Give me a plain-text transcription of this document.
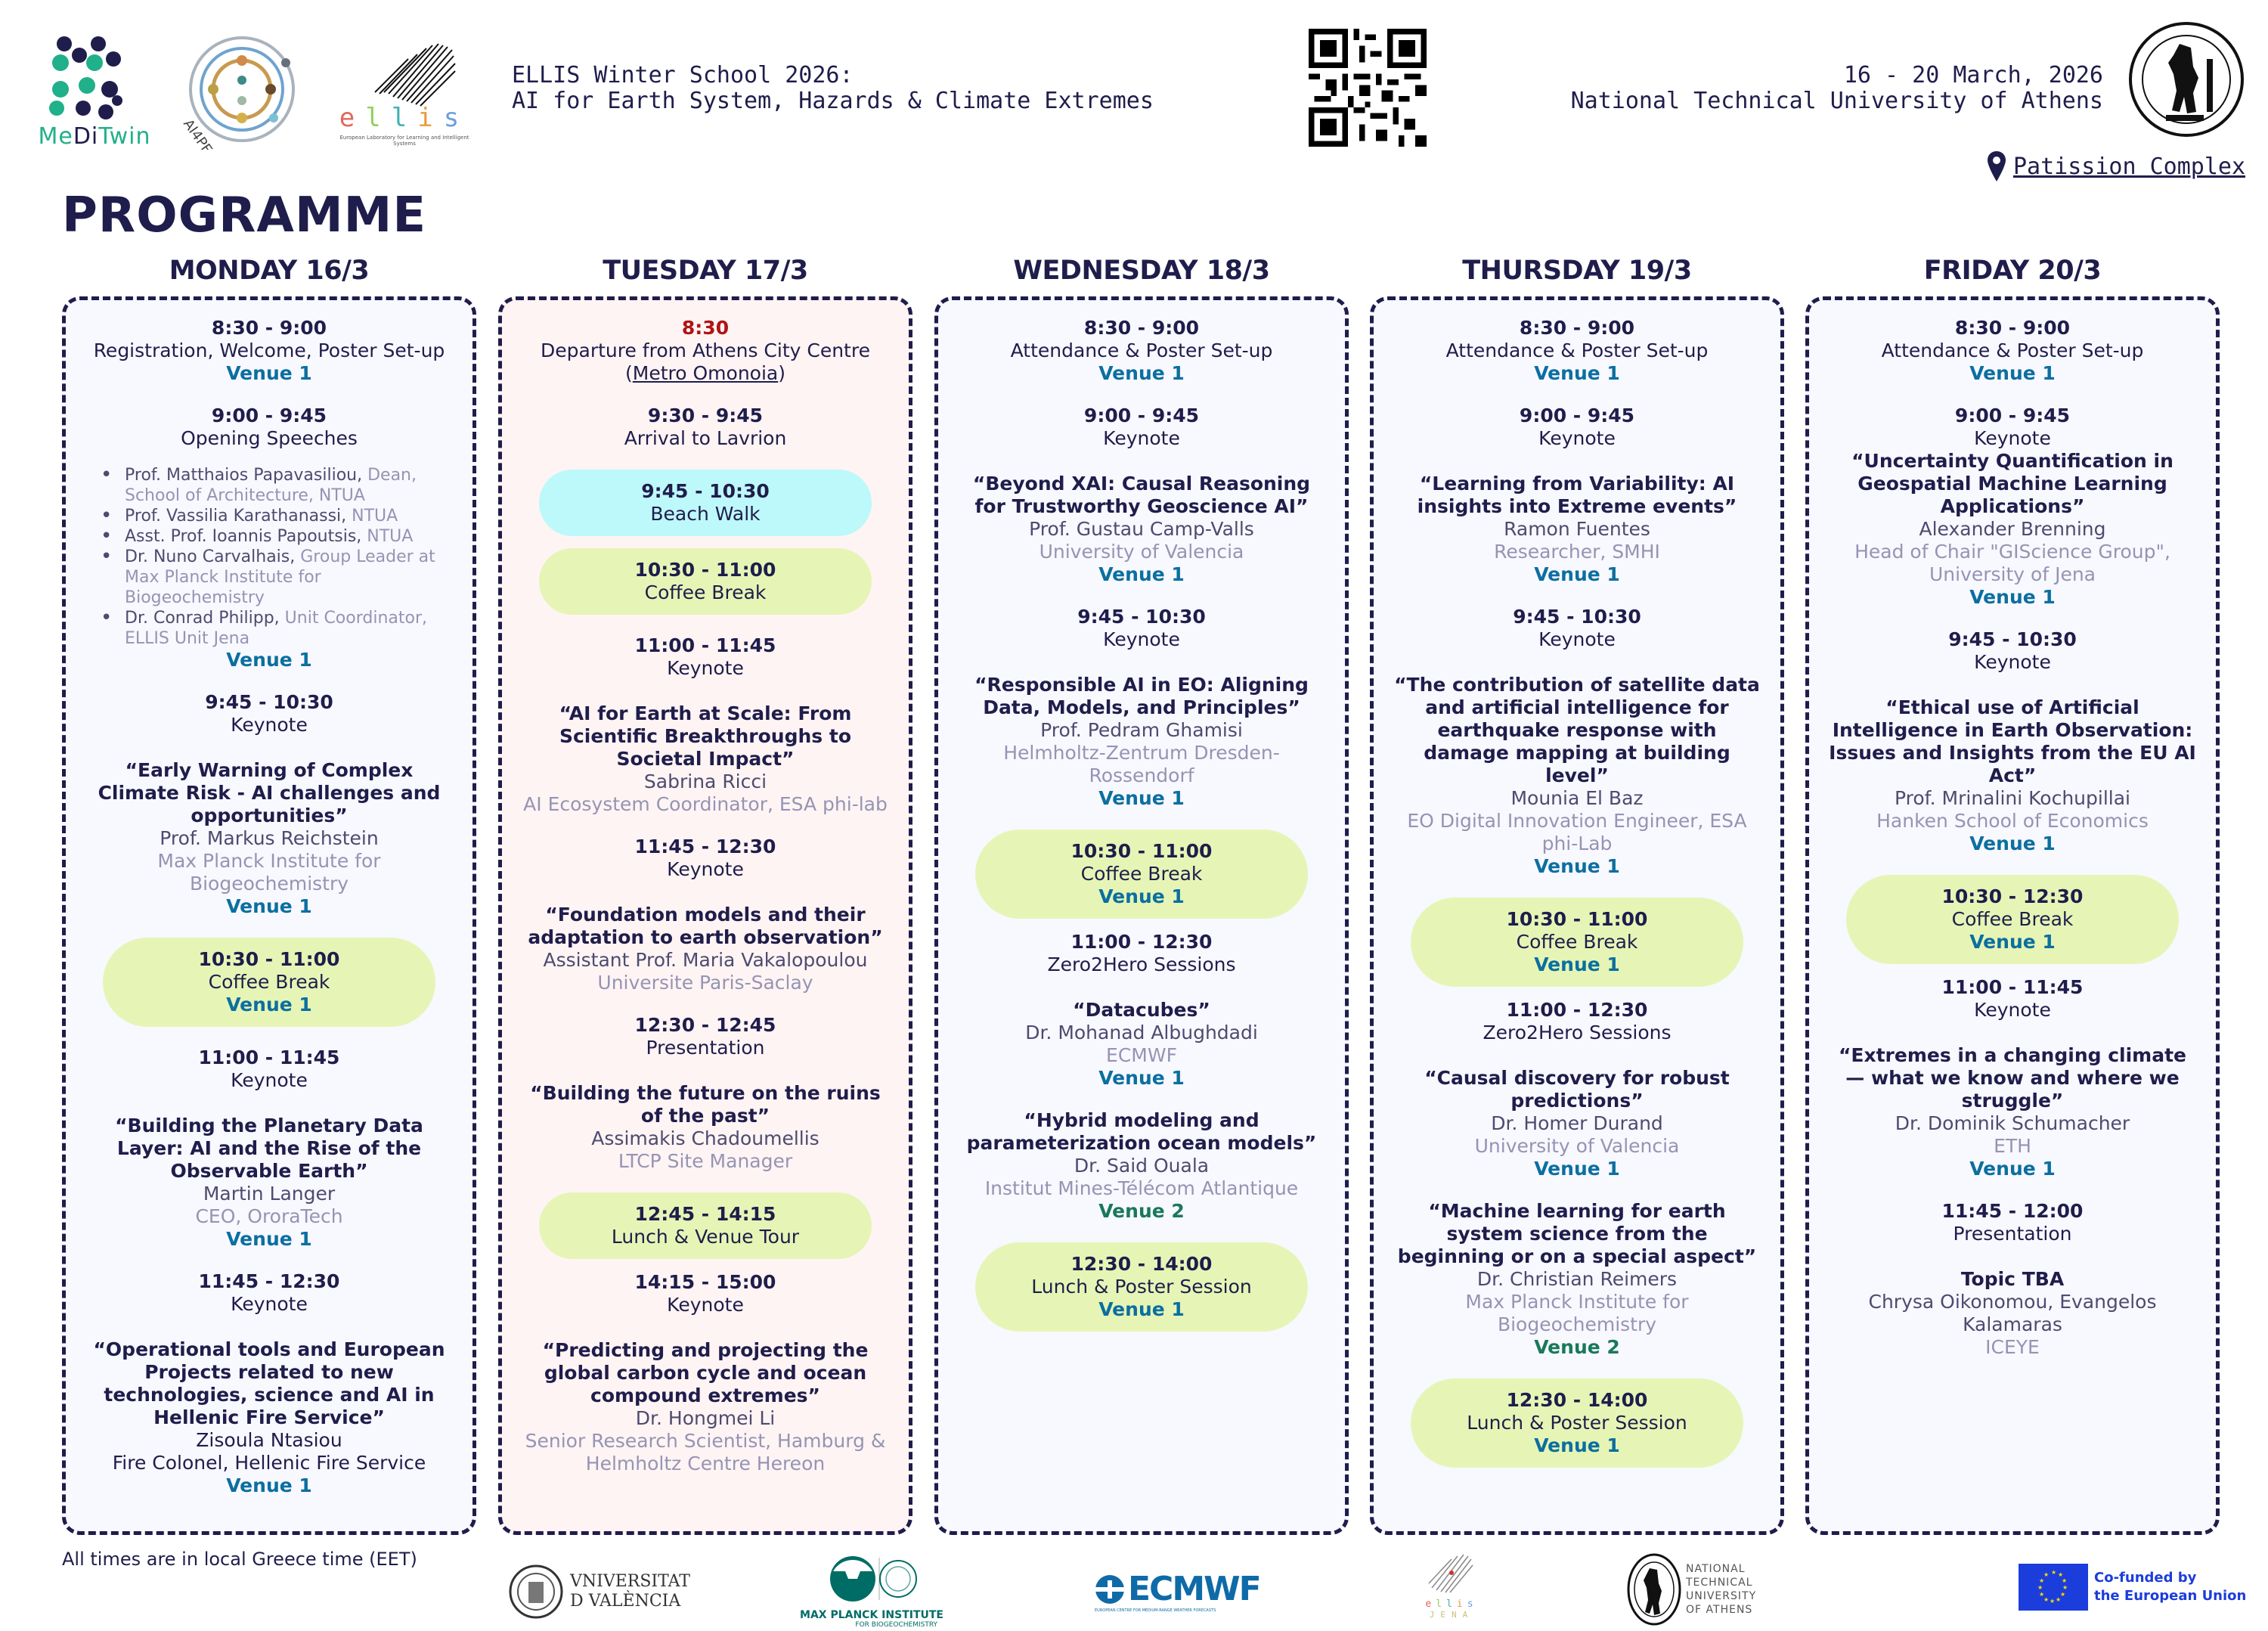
MeDiTwin AI4PEX	ellis
European Laboratory for Learning and Intelligent Systems
ELLIS Winter School 2026:
AI for Earth System, Hazards & Climate Extremes
16 - 20 March, 2026
National Technical University of Athens
Patission Complex
PROGRAMME
MONDAY 16/3
8:30 - 9:00
Registration, Welcome, Poster Set-up
Venue 1
9:00 - 9:45
Opening Speeches
• Prof. Matthaios Papavasiliou, Dean, School of Architecture, NTUA
• Prof. Vassilia Karathanassi, NTUA
• Asst. Prof. Ioannis Papoutsis, NTUA
• Dr. Nuno Carvalhais, Group Leader at Max Planck Institute for Biogeochemistry
• Dr. Conrad Philipp, Unit Coordinator, ELLIS Unit Jena
Venue 1
9:45 - 10:30
Keynote
“Early Warning of Complex Climate Risk - AI challenges and opportunities”
Prof. Markus Reichstein
Max Planck Institute for Biogeochemistry
Venue 1
10:30 - 11:00
Coffee Break
Venue 1
11:00 - 11:45
Keynote
“Building the Planetary Data Layer: AI and the Rise of the Observable Earth”
Martin Langer
CEO, OroraTech
Venue 1
11:45 - 12:30
Keynote
“Operational tools and European Projects related to new technologies, science and AI in Hellenic Fire Service”
Zisoula Ntasiou
Fire Colonel, Hellenic Fire Service
Venue 1
TUESDAY 17/3
8:30
Departure from Athens City Centre
(Metro Omonoia)
9:30 - 9:45
Arrival to Lavrion
9:45 - 10:30
Beach Walk
10:30 - 11:00
Coffee Break
11:00 - 11:45
Keynote
“AI for Earth at Scale: From Scientific Breakthroughs to Societal Impact”
Sabrina Ricci
AI Ecosystem Coordinator, ESA phi-lab
11:45 - 12:30
Keynote
“Foundation models and their adaptation to earth observation”
Assistant Prof. Maria Vakalopoulou
Universite Paris-Saclay
12:30 - 12:45
Presentation
“Building the future on the ruins of the past”
Assimakis Chadoumellis
LTCP Site Manager
12:45 - 14:15
Lunch & Venue Tour
14:15 - 15:00
Keynote
“Predicting and projecting the global carbon cycle and ocean compound extremes”
Dr. Hongmei Li
Senior Research Scientist, Hamburg & Helmholtz Centre Hereon
WEDNESDAY 18/3
8:30 - 9:00
Attendance & Poster Set-up
Venue 1
9:00 - 9:45
Keynote
“Beyond XAI: Causal Reasoning for Trustworthy Geoscience AI”
Prof. Gustau Camp-Valls
University of Valencia
Venue 1
9:45 - 10:30
Keynote
“Responsible AI in EO: Aligning Data, Models, and Principles”
Prof. Pedram Ghamisi
Helmholtz-Zentrum Dresden-Rossendorf
Venue 1
10:30 - 11:00
Coffee Break
Venue 1
11:00 - 12:30
Zero2Hero Sessions
“Datacubes”
Dr. Mohanad Albughdadi
ECMWF
Venue 1
“Hybrid modeling and parameterization ocean models”
Dr. Said Ouala
Institut Mines-Télécom Atlantique
Venue 2
12:30 - 14:00
Lunch & Poster Session
Venue 1
THURSDAY 19/3
8:30 - 9:00
Attendance & Poster Set-up
Venue 1
9:00 - 9:45
Keynote
“Learning from Variability: AI insights into Extreme events”
Ramon Fuentes
Researcher, SMHI
Venue 1
9:45 - 10:30
Keynote
“The contribution of satellite data and artificial intelligence for earthquake response with damage mapping at building level”
Mounia El Baz
EO Digital Innovation Engineer, ESA phi-Lab
Venue 1
10:30 - 11:00
Coffee Break
Venue 1
11:00 - 12:30
Zero2Hero Sessions
“Causal discovery for robust predictions”
Dr. Homer Durand
University of Valencia
Venue 1
“Machine learning for earth system science from the beginning or on a special aspect”
Dr. Christian Reimers
Max Planck Institute for Biogeochemistry
Venue 2
12:30 - 14:00
Lunch & Poster Session
Venue 1
FRIDAY 20/3
8:30 - 9:00
Attendance & Poster Set-up
Venue 1
9:00 - 9:45
Keynote
“Uncertainty Quantification in Geospatial Machine Learning Applications”
Alexander Brenning
Head of Chair "GIScience Group", University of Jena
Venue 1
9:45 - 10:30
Keynote
“Ethical use of Artificial Intelligence in Earth Observation: Issues and Insights from the EU AI Act”
Prof. Mrinalini Kochupillai
Hanken School of Economics
Venue 1
10:30 - 12:30
Coffee Break
Venue 1
11:00 - 11:45
Keynote
“Extremes in a changing climate — what we know and where we struggle”
Dr. Dominik Schumacher
ETH
Venue 1
11:45 - 12:00
Presentation
Topic TBA
Chrysa Oikonomou, Evangelos Kalamaras
ICEYE
All times are in local Greece time (EET)
VNIVERSITAT
D VALÈNCIA
MAX PLANCK INSTITUTE
FOR BIOGEOCHEMISTRY
ECMWF
EUROPEAN CENTRE FOR MEDIUM-RANGE WEATHER FORECASTS
ellis
JENA
NATIONAL
TECHNICAL
UNIVERSITY
OF ATHENS
★ ★
★
★
★
★
★
★
★
★
★
★	Co-funded by
the European Union
